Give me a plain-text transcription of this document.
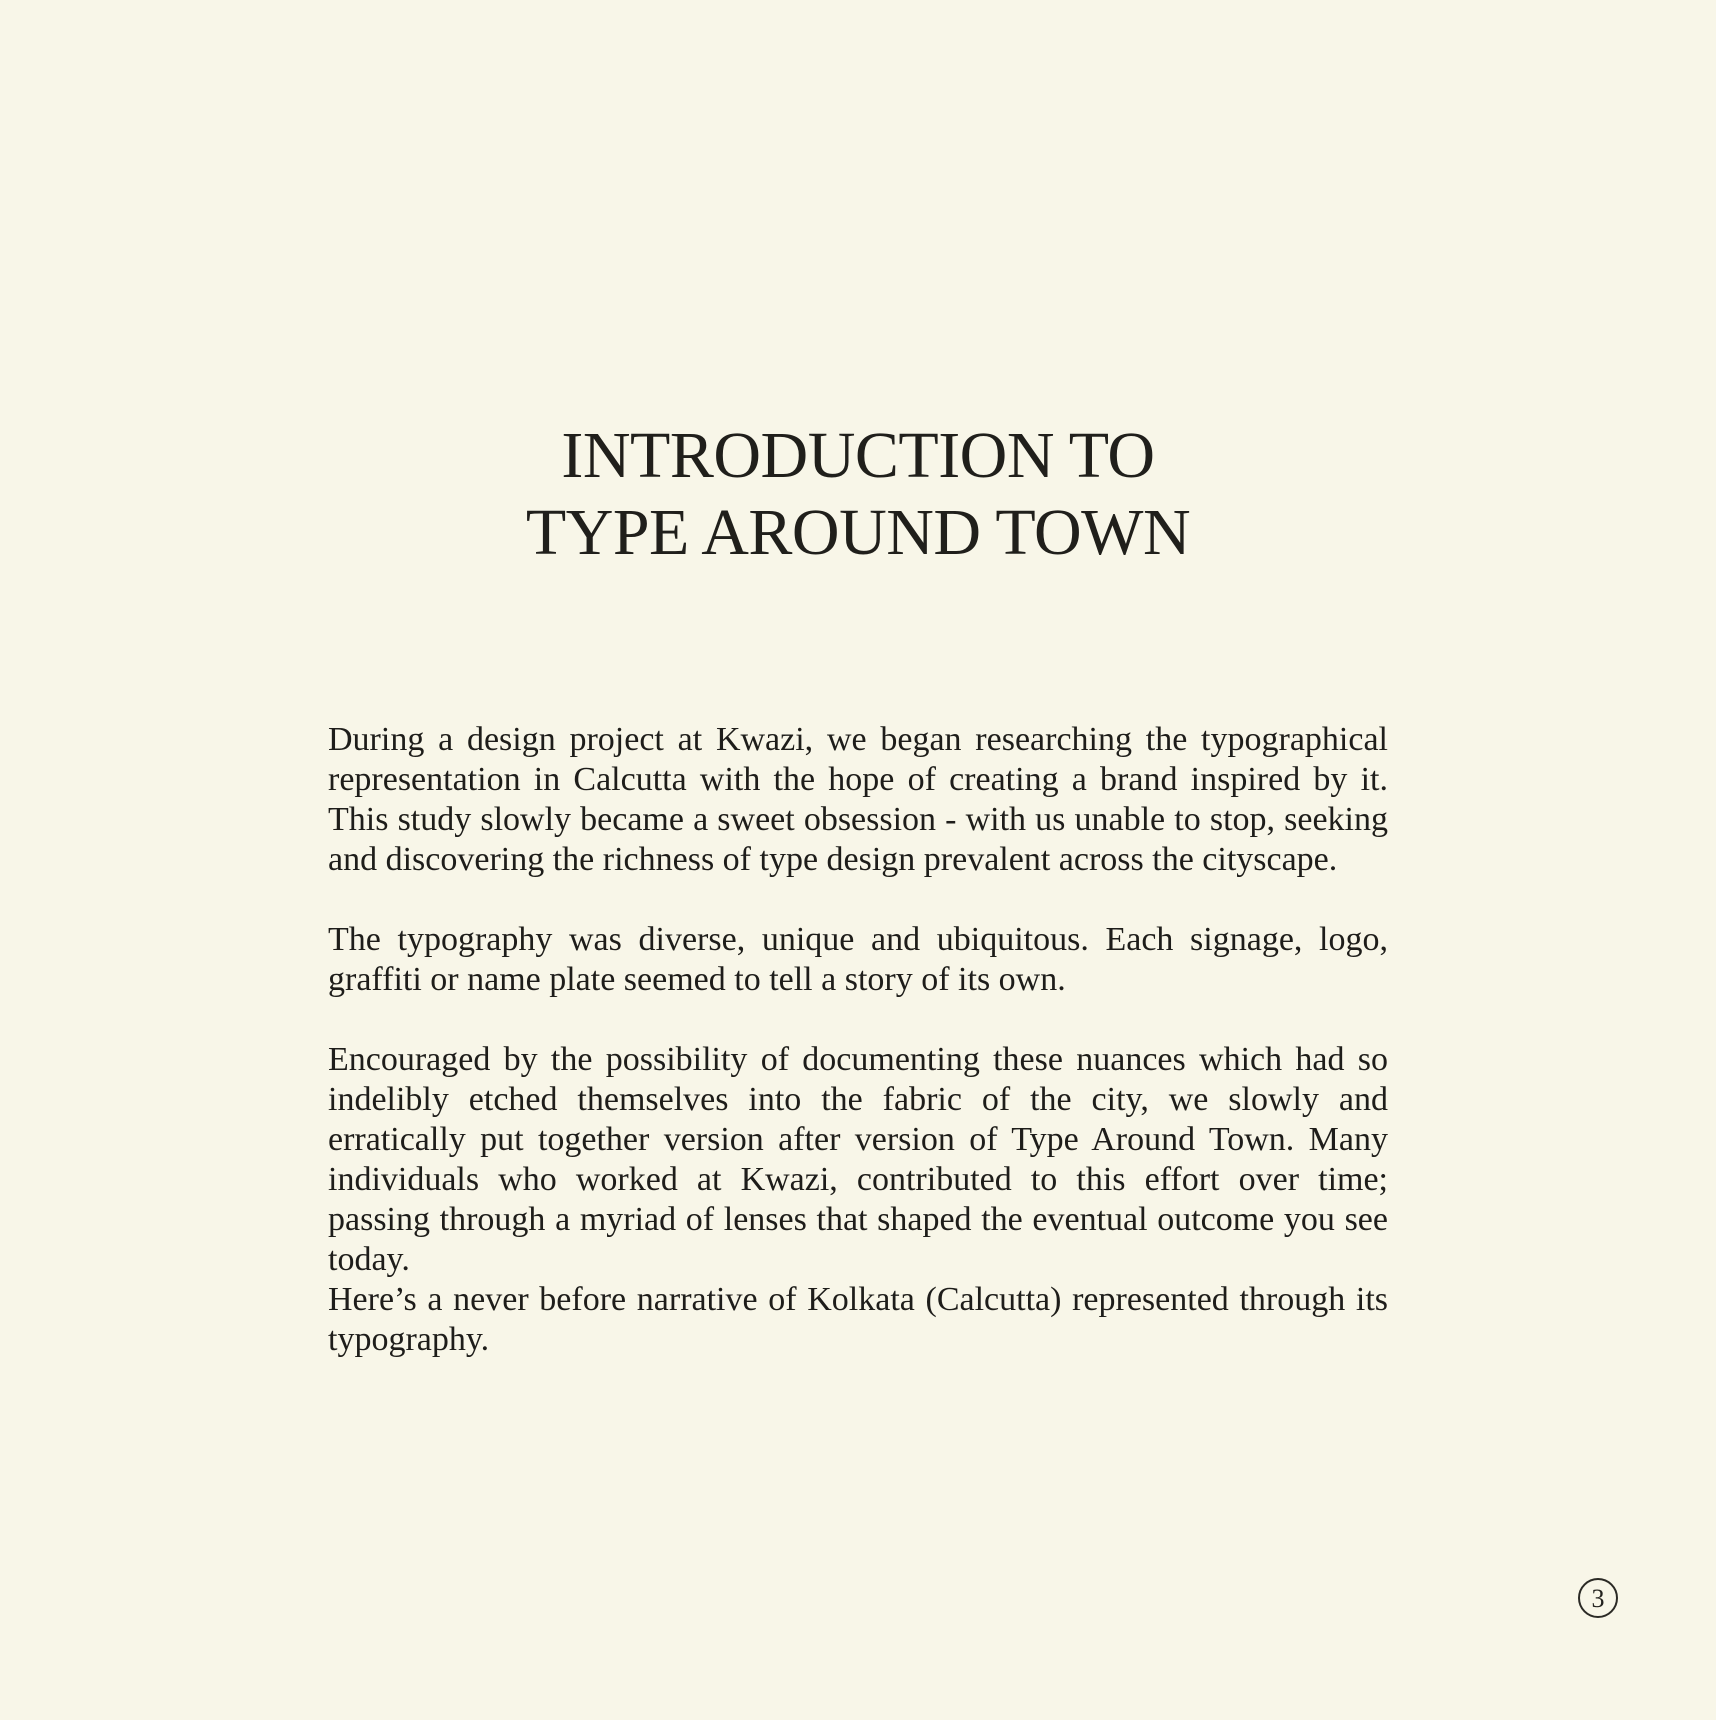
INTRODUCTION TO
TYPE AROUND TOWN

During a design project at Kwazi, we began researching the typographical representation in Calcutta with the hope of creating a brand inspired by it. This study slowly became a sweet obsession - with us unable to stop, seeking and discovering the richness of type design prevalent across the cityscape.

The typography was diverse, unique and ubiquitous. Each signage, logo, graffiti or name plate seemed to tell a story of its own.

Encouraged by the possibility of documenting these nuances which had so indelibly etched themselves into the fabric of the city, we slowly and erratically put together version after version of Type Around Town. Many individuals who worked at Kwazi, contributed to this effort over time; passing through a myriad of lenses that shaped the eventual outcome you see today.

Here’s a never before narrative of Kolkata (Calcutta) represented through its typography.

3
